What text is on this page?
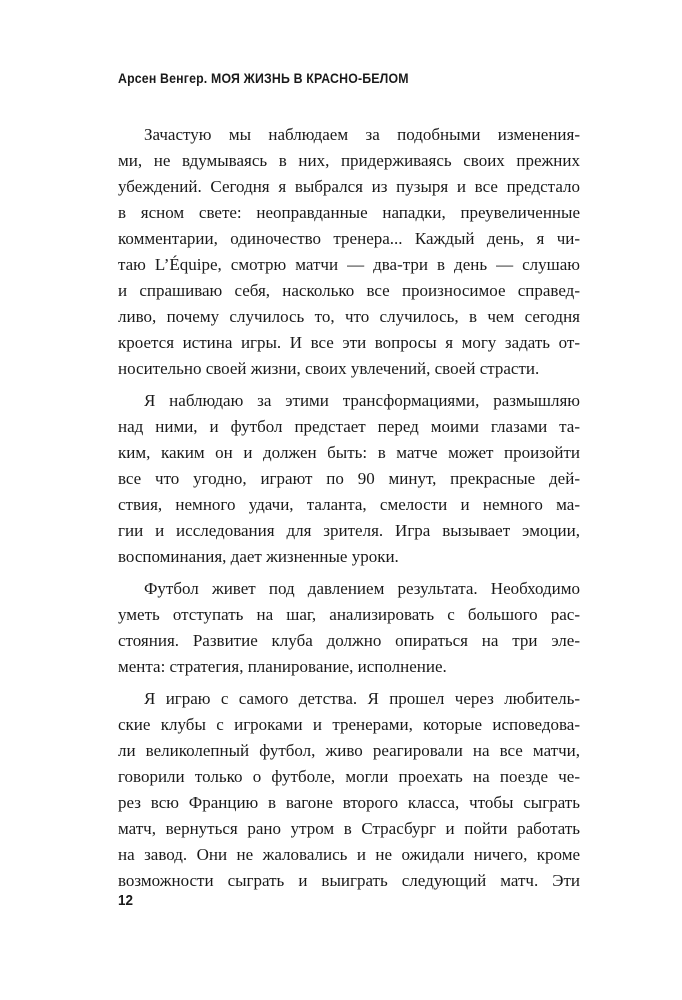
Арсен Венгер. МОЯ ЖИЗНЬ В КРАСНО-БЕЛОМ
Зачастую мы наблюдаем за подобными изменения-
ми, не вдумываясь в них, придерживаясь своих прежних
убеждений. Сегодня я выбрался из пузыря и все предстало
в ясном свете: неоправданные нападки, преувеличенные
комментарии, одиночество тренера... Каждый день, я чи-
таю L’Équipe, смотрю матчи — два-три в день — слушаю
и спрашиваю себя, насколько все произносимое справед-
ливо, почему случилось то, что случилось, в чем сегодня
кроется истина игры. И все эти вопросы я могу задать от-
носительно своей жизни, своих увлечений, своей страсти.
Я наблюдаю за этими трансформациями, размышляю
над ними, и футбол предстает перед моими глазами та-
ким, каким он и должен быть: в матче может произойти
все что угодно, играют по 90 минут, прекрасные дей-
ствия, немного удачи, таланта, смелости и немного ма-
гии и исследования для зрителя. Игра вызывает эмоции,
воспоминания, дает жизненные уроки.
Футбол живет под давлением результата. Необходимо
уметь отступать на шаг, анализировать с большого рас-
стояния. Развитие клуба должно опираться на три эле-
мента: стратегия, планирование, исполнение.
Я играю с самого детства. Я прошел через любитель-
ские клубы с игроками и тренерами, которые исповедова-
ли великолепный футбол, живо реагировали на все матчи,
говорили только о футболе, могли проехать на поезде че-
рез всю Францию в вагоне второго класса, чтобы сыграть
матч, вернуться рано утром в Страсбург и пойти работать
на завод. Они не жаловались и не ожидали ничего, кроме
возможности сыграть и выиграть следующий матч. Эти
12
